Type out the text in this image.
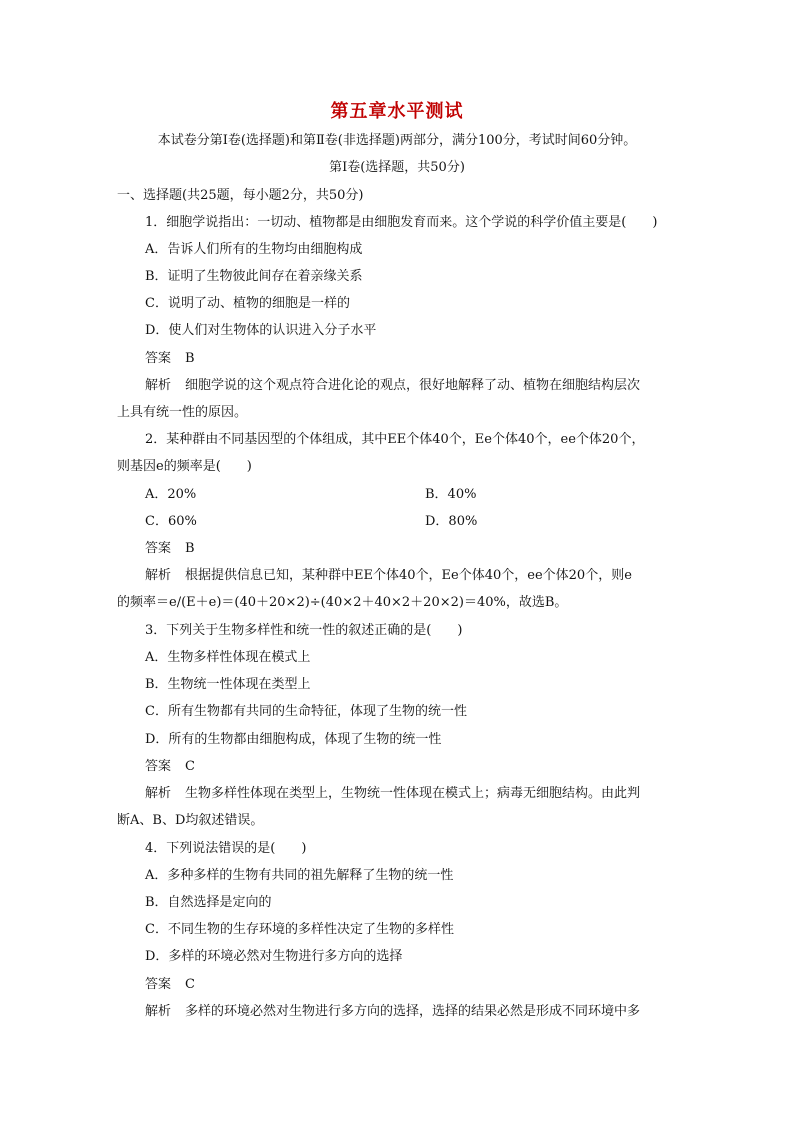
第五章水平测试
本试卷分第Ⅰ卷(选择题)和第Ⅱ卷(非选择题)两部分，满分100分，考试时间60分钟。
第Ⅰ卷(选择题，共50分)
一、选择题(共25题，每小题2分，共50分)
1．细胞学说指出：一切动、植物都是由细胞发育而来。这个学说的科学价值主要是(　　)
A．告诉人们所有的生物均由细胞构成
B．证明了生物彼此间存在着亲缘关系
C．说明了动、植物的细胞是一样的
D．使人们对生物体的认识进入分子水平
答案 B
解析 细胞学说的这个观点符合进化论的观点，很好地解释了动、植物在细胞结构层次
上具有统一性的原因。
2．某种群由不同基因型的个体组成，其中EE个体40个，Ee个体40个，ee个体20个，
则基因e的频率是(　　)
A．20%	B．40%
C．60%	D．80%
答案 B
解析 根据提供信息已知，某种群中EE个体40个，Ee个体40个，ee个体20个，则e
的频率＝e/(E＋e)＝(40＋20×2)÷(40×2＋40×2＋20×2)＝40%，故选B。
3．下列关于生物多样性和统一性的叙述正确的是(　　)
A．生物多样性体现在模式上
B．生物统一性体现在类型上
C．所有生物都有共同的生命特征，体现了生物的统一性
D．所有的生物都由细胞构成，体现了生物的统一性
答案 C
解析 生物多样性体现在类型上，生物统一性体现在模式上；病毒无细胞结构。由此判
断A、B、D均叙述错误。
4．下列说法错误的是(　　)
A．多种多样的生物有共同的祖先解释了生物的统一性
B．自然选择是定向的
C．不同生物的生存环境的多样性决定了生物的多样性
D．多样的环境必然对生物进行多方向的选择
答案 C
解析 多样的环境必然对生物进行多方向的选择，选择的结果必然是形成不同环境中多
